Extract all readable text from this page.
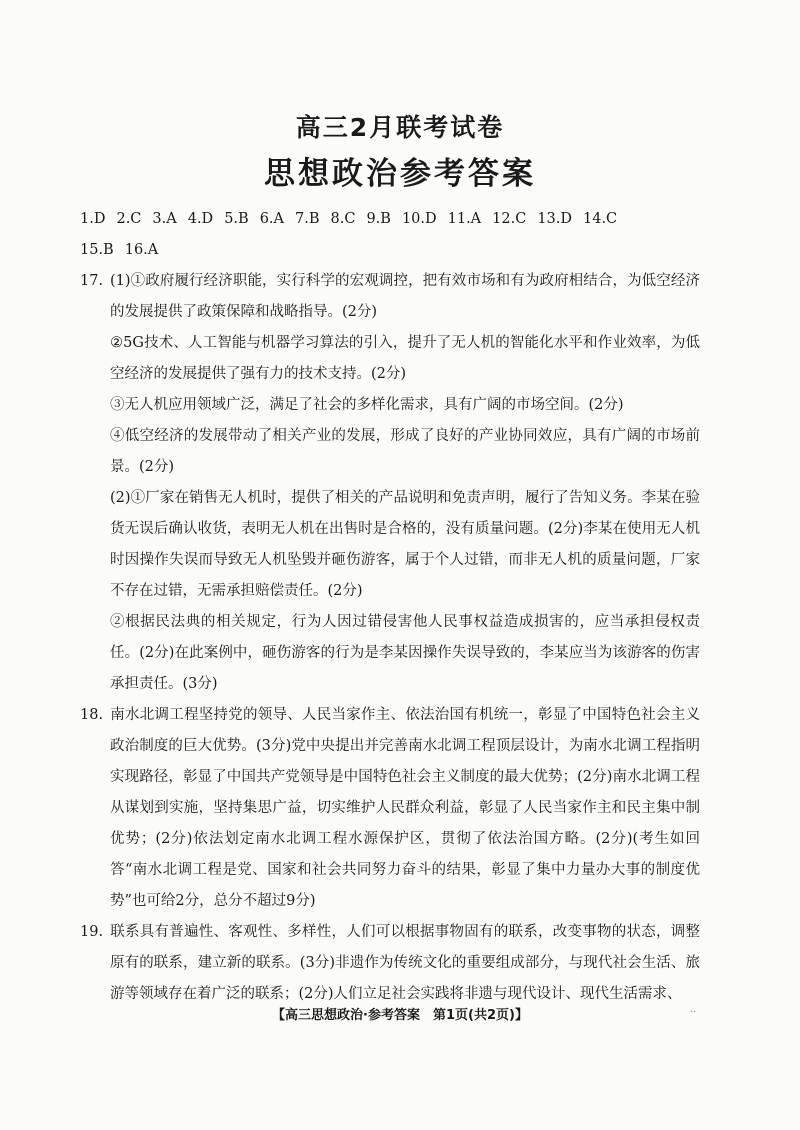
高三2月联考试卷
思想政治参考答案
1.D 2.C 3.A 4.D 5.B 6.A 7.B 8.C 9.B 10.D 11.A 12.C 13.D 14.C
15.B 16.A

17. (1)①政府履行经济职能，实行科学的宏观调控，把有效市场和有为政府相结合，为低空经济的发展提供了政策保障和战略指导。(2分)

②5G技术、人工智能与机器学习算法的引入，提升了无人机的智能化水平和作业效率，为低空经济的发展提供了强有力的技术支持。(2分)

③无人机应用领域广泛，满足了社会的多样化需求，具有广阔的市场空间。(2分)

④低空经济的发展带动了相关产业的发展，形成了良好的产业协同效应，具有广阔的市场前景。(2分)

(2)①厂家在销售无人机时，提供了相关的产品说明和免责声明，履行了告知义务。李某在验货无误后确认收货，表明无人机在出售时是合格的，没有质量问题。(2分)李某在使用无人机时因操作失误而导致无人机坠毁并砸伤游客，属于个人过错，而非无人机的质量问题，厂家不存在过错，无需承担赔偿责任。(2分)

②根据民法典的相关规定，行为人因过错侵害他人民事权益造成损害的，应当承担侵权责任。(2分)在此案例中，砸伤游客的行为是李某因操作失误导致的，李某应当为该游客的伤害承担责任。(3分)

18. 南水北调工程坚持党的领导、人民当家作主、依法治国有机统一，彰显了中国特色社会主义政治制度的巨大优势。(3分)党中央提出并完善南水北调工程顶层设计，为南水北调工程指明实现路径，彰显了中国共产党领导是中国特色社会主义制度的最大优势；(2分)南水北调工程从谋划到实施，坚持集思广益，切实维护人民群众利益，彰显了人民当家作主和民主集中制优势；(2分)依法划定南水北调工程水源保护区，贯彻了依法治国方略。(2分)(考生如回答“南水北调工程是党、国家和社会共同努力奋斗的结果，彰显了集中力量办大事的制度优势”也可给2分，总分不超过9分)

19. 联系具有普遍性、客观性、多样性，人们可以根据事物固有的联系，改变事物的状态，调整原有的联系，建立新的联系。(3分)非遗作为传统文化的重要组成部分，与现代社会生活、旅游等领域存在着广泛的联系；(2分)人们立足社会实践将非遗与现代设计、现代生活需求、

【高三思想政治·参考答案　第1页(共2页)】	..
